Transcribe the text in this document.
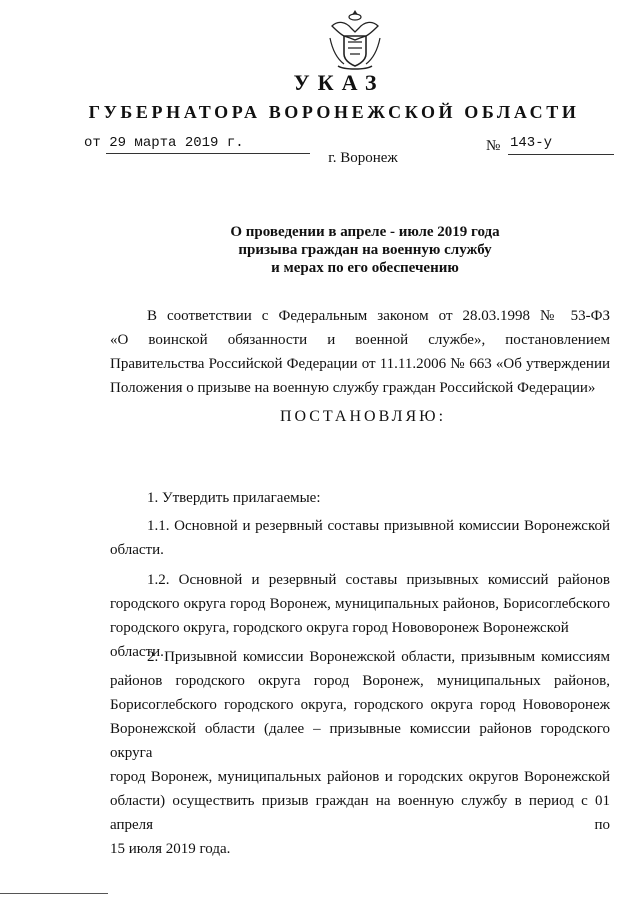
УКАЗ
ГУБЕРНАТОРА ВОРОНЕЖСКОЙ ОБЛАСТИ
от 29 марта 2019 г.	№ 143-у
г. Воронеж
О проведении в апреле - июле 2019 года
призыва граждан на военную службу
и мерах по его обеспечению
В соответствии с Федеральным законом от 28.03.1998 № 53-ФЗ
«О воинской обязанности и военной службе», постановлением
Правительства Российской Федерации от 11.11.2006 № 663 «Об утверждении
Положения о призыве на военную службу граждан Российской Федерации»
ПОСТАНОВЛЯЮ:
1. Утвердить прилагаемые:
1.1. Основной и резервный составы призывной комиссии Воронежской
области.
1.2. Основной и резервный составы призывных комиссий районов
городского округа город Воронеж, муниципальных районов, Борисоглебского
городского округа, городского округа город Нововоронеж Воронежской области.
2. Призывной комиссии Воронежской области, призывным комиссиям
районов городского округа город Воронеж, муниципальных районов,
Борисоглебского городского округа, городского округа город Нововоронеж
Воронежской области (далее – призывные комиссии районов городского округа
город Воронеж, муниципальных районов и городских округов Воронежской
области) осуществить призыв граждан на военную службу в период с 01 апреля по
15 июля 2019 года.
